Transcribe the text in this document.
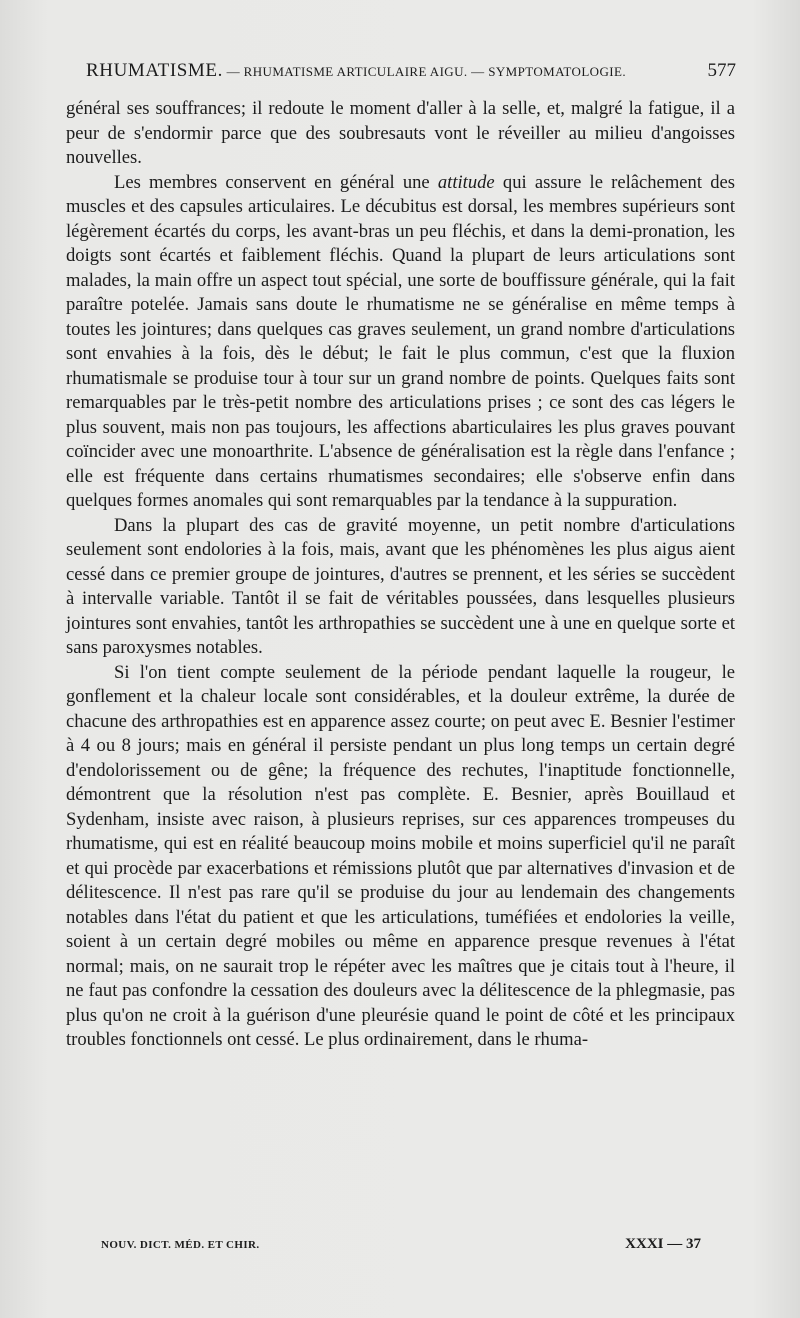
RHUMATISME. — RHUMATISME ARTICULAIRE AIGU. — SYMPTOMATOLOGIE.	577

général ses souffrances; il redoute le moment d'aller à la selle, et, malgré la fatigue, il a peur de s'endormir parce que des soubresauts vont le réveiller au milieu d'angoisses nouvelles.

Les membres conservent en général une attitude qui assure le relâchement des muscles et des capsules articulaires. Le décubitus est dorsal, les membres supérieurs sont légèrement écartés du corps, les avant-bras un peu fléchis, et dans la demi-pronation, les doigts sont écartés et faiblement fléchis. Quand la plupart de leurs articulations sont malades, la main offre un aspect tout spécial, une sorte de bouffissure générale, qui la fait paraître potelée. Jamais sans doute le rhumatisme ne se généralise en même temps à toutes les jointures; dans quelques cas graves seulement, un grand nombre d'articulations sont envahies à la fois, dès le début; le fait le plus commun, c'est que la fluxion rhumatismale se produise tour à tour sur un grand nombre de points. Quelques faits sont remarquables par le très-petit nombre des articulations prises ; ce sont des cas légers le plus souvent, mais non pas toujours, les affections abarticulaires les plus graves pouvant coïncider avec une monoarthrite. L'absence de généralisation est la règle dans l'enfance ; elle est fréquente dans certains rhumatismes secondaires; elle s'observe enfin dans quelques formes anomales qui sont remarquables par la tendance à la suppuration.

Dans la plupart des cas de gravité moyenne, un petit nombre d'articulations seulement sont endolories à la fois, mais, avant que les phénomènes les plus aigus aient cessé dans ce premier groupe de jointures, d'autres se prennent, et les séries se succèdent à intervalle variable. Tantôt il se fait de véritables poussées, dans lesquelles plusieurs jointures sont envahies, tantôt les arthropathies se succèdent une à une en quelque sorte et sans paroxysmes notables.

Si l'on tient compte seulement de la période pendant laquelle la rougeur, le gonflement et la chaleur locale sont considérables, et la douleur extrême, la durée de chacune des arthropathies est en apparence assez courte; on peut avec E. Besnier l'estimer à 4 ou 8 jours; mais en général il persiste pendant un plus long temps un certain degré d'endolorissement ou de gêne; la fréquence des rechutes, l'inaptitude fonctionnelle, démontrent que la résolution n'est pas complète. E. Besnier, après Bouillaud et Sydenham, insiste avec raison, à plusieurs reprises, sur ces apparences trompeuses du rhumatisme, qui est en réalité beaucoup moins mobile et moins superficiel qu'il ne paraît et qui procède par exacerbations et rémissions plutôt que par alternatives d'invasion et de délitescence. Il n'est pas rare qu'il se produise du jour au lendemain des changements notables dans l'état du patient et que les articulations, tuméfiées et endolories la veille, soient à un certain degré mobiles ou même en apparence presque revenues à l'état normal; mais, on ne saurait trop le répéter avec les maîtres que je citais tout à l'heure, il ne faut pas confondre la cessation des douleurs avec la délitescence de la phlegmasie, pas plus qu'on ne croit à la guérison d'une pleurésie quand le point de côté et les principaux troubles fonctionnels ont cessé. Le plus ordinairement, dans le rhuma-

NOUV. DICT. MÉD. ET CHIR.	XXXI — 37
